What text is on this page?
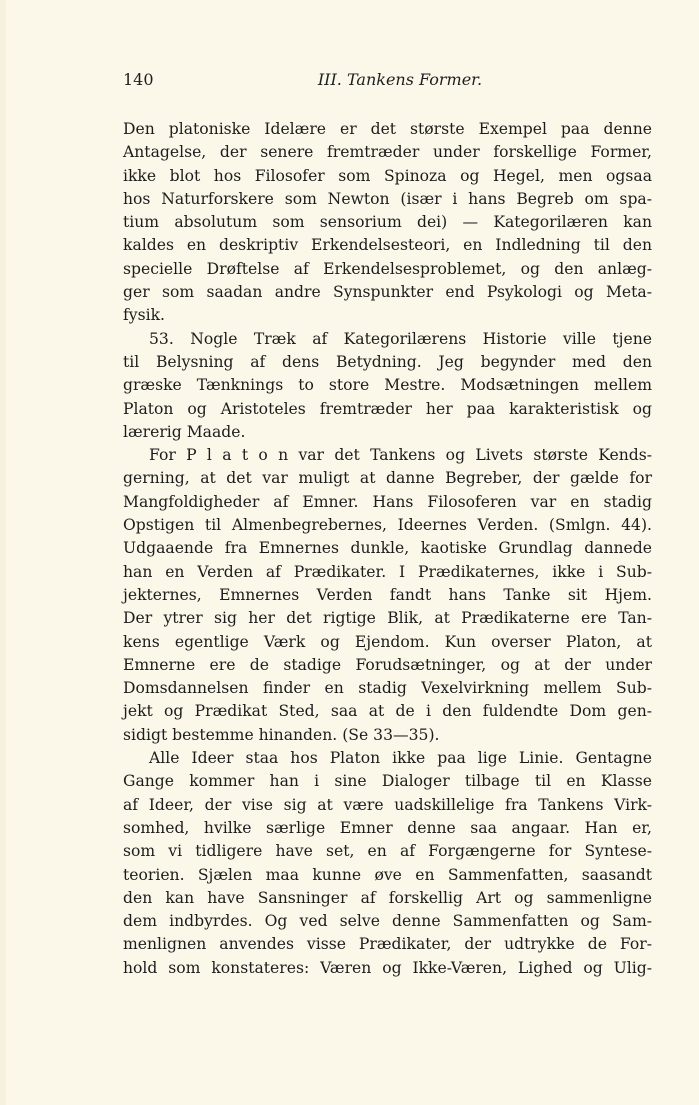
140	III. Tankens Former.
Den platoniske Idelære er det største Exempel paa denne
Antagelse, der senere fremtræder under forskellige Former,
ikke blot hos Filosofer som Spinoza og Hegel, men ogsaa
hos Naturforskere som Newton (især i hans Begreb om spa-
tium absolutum som sensorium dei) — Kategorilæren kan
kaldes en deskriptiv Erkendelsesteori, en Indledning til den
specielle Drøftelse af Erkendelsesproblemet, og den anlæg-
ger som saadan andre Synspunkter end Psykologi og Meta-
fysik.
53. Nogle Træk af Kategorilærens Historie ville tjene
til Belysning af dens Betydning. Jeg begynder med den
græske Tænknings to store Mestre. Modsætningen mellem
Platon og Aristoteles fremtræder her paa karakteristisk og
lærerig Maade.
For P l a t o n var det Tankens og Livets største Kends-
gerning, at det var muligt at danne Begreber, der gælde for
Mangfoldigheder af Emner. Hans Filosoferen var en stadig
Opstigen til Almenbegrebernes, Ideernes Verden. (Smlgn. 44).
Udgaaende fra Emnernes dunkle, kaotiske Grundlag dannede
han en Verden af Prædikater. I Prædikaternes, ikke i Sub-
jekternes, Emnernes Verden fandt hans Tanke sit Hjem.
Der ytrer sig her det rigtige Blik, at Prædikaterne ere Tan-
kens egentlige Værk og Ejendom. Kun overser Platon, at
Emnerne ere de stadige Forudsætninger, og at der under
Domsdannelsen finder en stadig Vexelvirkning mellem Sub-
jekt og Prædikat Sted, saa at de i den fuldendte Dom gen-
sidigt bestemme hinanden. (Se 33—35).
Alle Ideer staa hos Platon ikke paa lige Linie. Gentagne
Gange kommer han i sine Dialoger tilbage til en Klasse
af Ideer, der vise sig at være uadskillelige fra Tankens Virk-
somhed, hvilke særlige Emner denne saa angaar. Han er,
som vi tidligere have set, en af Forgængerne for Syntese-
teorien. Sjælen maa kunne øve en Sammenfatten, saasandt
den kan have Sansninger af forskellig Art og sammenligne
dem indbyrdes. Og ved selve denne Sammenfatten og Sam-
menlignen anvendes visse Prædikater, der udtrykke de For-
hold som konstateres: Væren og Ikke-Væren, Lighed og Ulig-
